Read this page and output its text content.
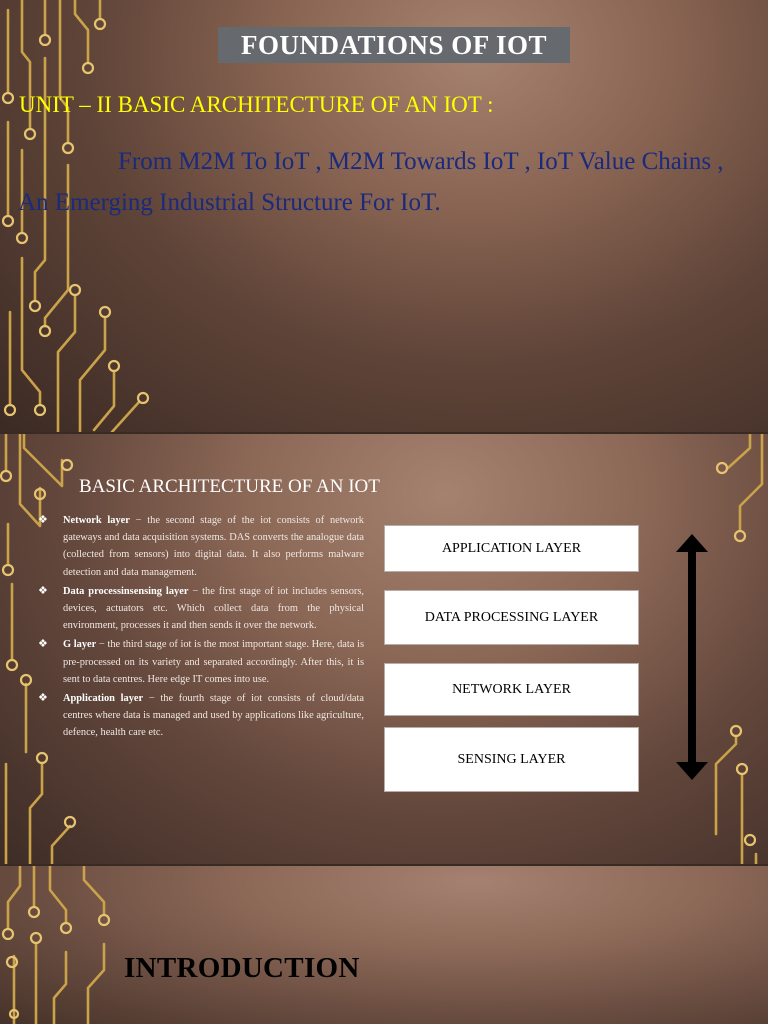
FOUNDATIONS OF IOT
UNIT – II BASIC ARCHITECTURE OF AN IOT :
From M2M To IoT , M2M Towards IoT , IoT Value Chains , An Emerging Industrial Structure For IoT.
BASIC ARCHITECTURE OF AN IOT
❖ Network layer − the second stage of the iot consists of network gateways and data acquisition systems. DAS converts the analogue data (collected from sensors) into digital data. It also performs malware detection and data management.
❖ Data processinsensing layer − the first stage of iot includes sensors, devices, actuators etc. Which collect data from the physical environment, processes it and then sends it over the network.
❖ G layer − the third stage of iot is the most important stage. Here, data is pre-processed on its variety and separated accordingly. After this, it is sent to data centres. Here edge IT comes into use.
❖ Application layer − the fourth stage of iot consists of cloud/data centres where data is managed and used by applications like agriculture, defence, health care etc.
APPLICATION LAYER
DATA PROCESSING LAYER
NETWORK LAYER
SENSING LAYER
INTRODUCTION
